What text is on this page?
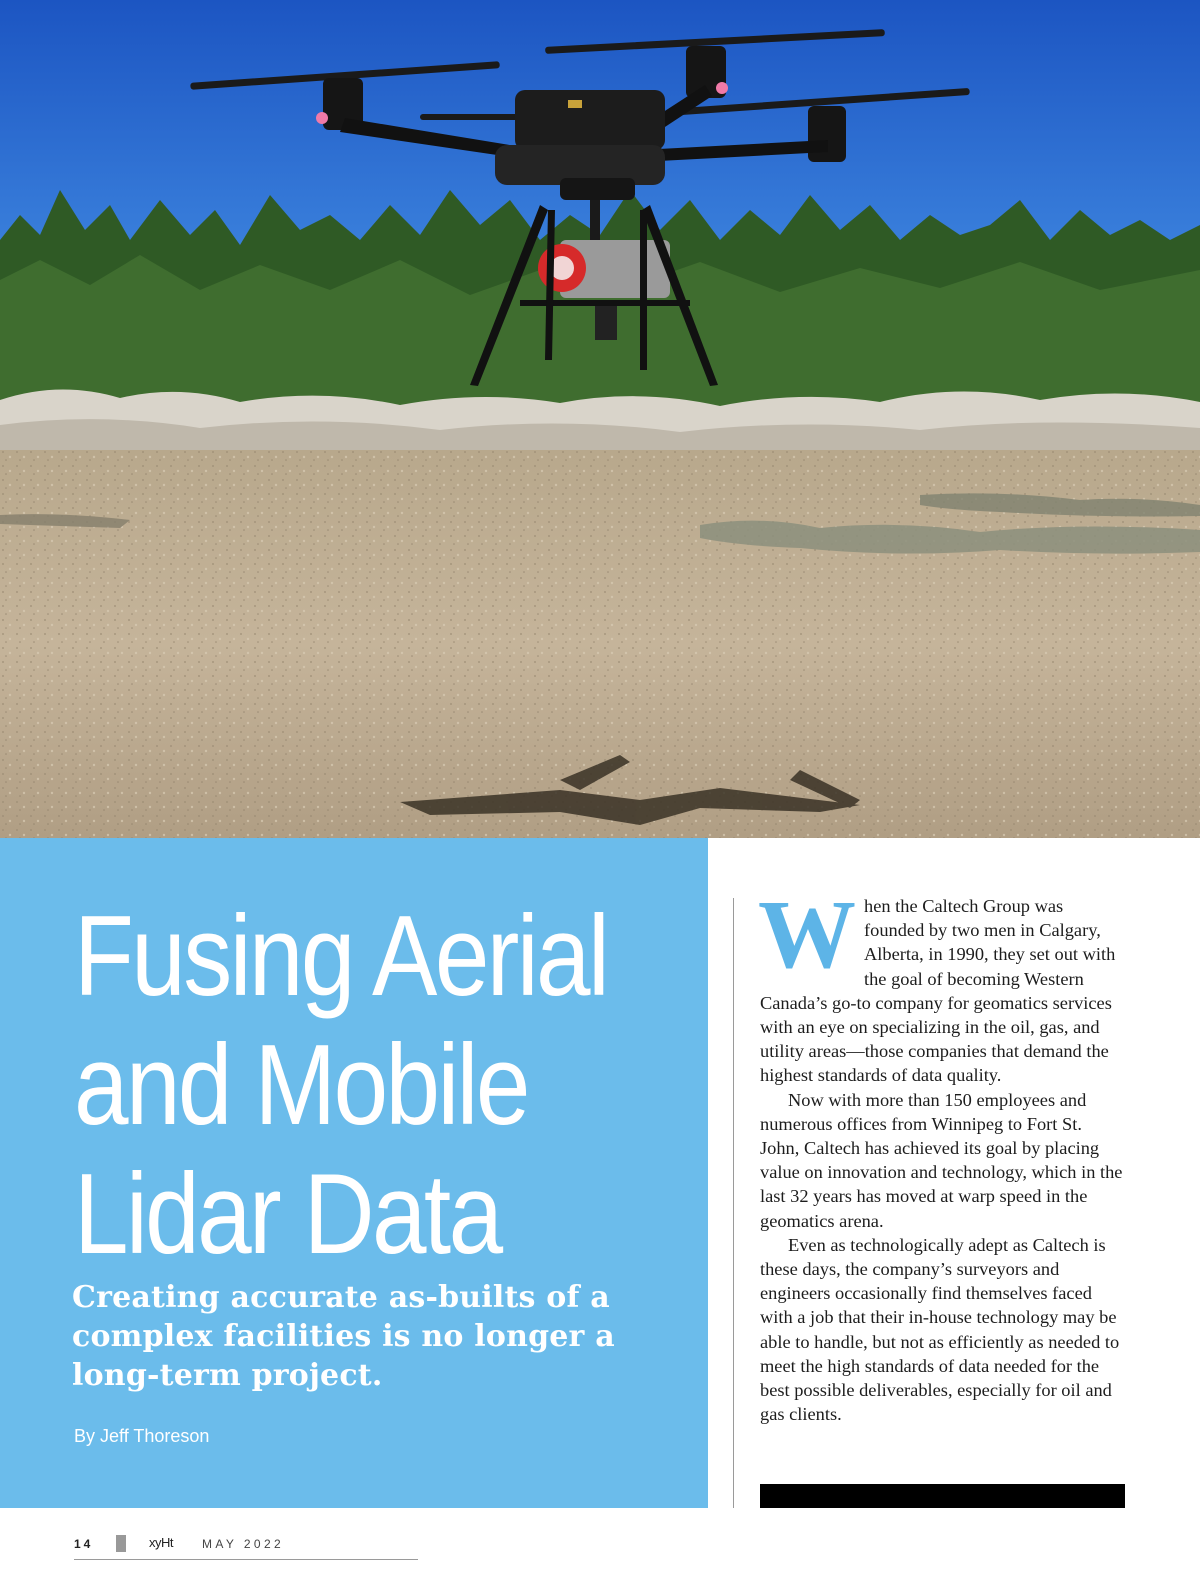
Fusing Aerial
and Mobile
Lidar Data

Creating accurate as-builts of a complex facilities is no longer a long-term project.

By Jeff Thoreson

When the Caltech Group was founded by two men in Calgary, Alberta, in 1990, they set out with the goal of becoming Western Canada’s go-to company for geomatics services with an eye on specializing in the oil, gas, and utility areas—those companies that demand the highest standards of data quality.

Now with more than 150 employees and numerous offices from Winnipeg to Fort St. John, Caltech has achieved its goal by placing value on innovation and technology, which in the last 32 years has moved at warp speed in the geomatics arena.

Even as technologically adept as Caltech is these days, the company’s surveyors and engineers occasionally find themselves faced with a job that their in-house technology may be able to handle, but not as efficiently as needed to meet the high standards of data needed for the best possible deliverables, especially for oil and gas clients.

14	xyHt MAY 2022
